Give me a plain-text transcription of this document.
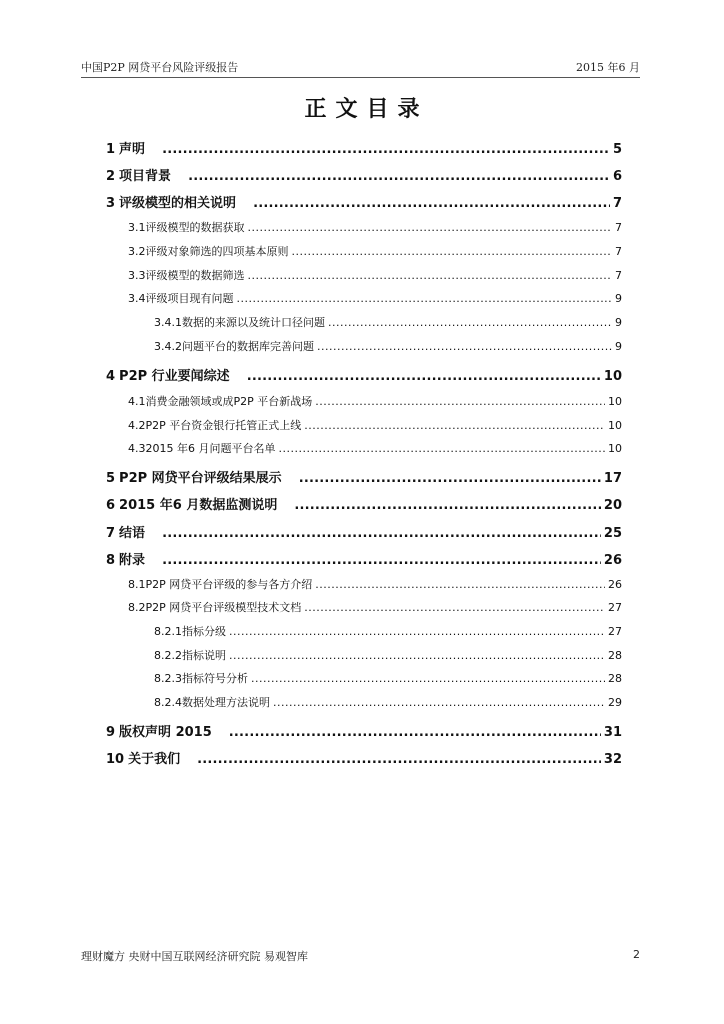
中国P2P 网贷平台风险评级报告	2015 年6 月
正文目录
1 声明 .....	5
2 项目背景 .....	6
3 评级模型的相关说明 .....	7
3.1 评级模型的数据获取 .....	7
3.2 评级对象筛选的四项基本原则 .....	7
3.3 评级模型的数据筛选 .....	7
3.4 评级项目现有问题 .....	9
3.4.1 数据的来源以及统计口径问题 .....	9
3.4.2 问题平台的数据库完善问题 .....	9
4 P2P 行业要闻综述 .....	10
4.1 消费金融领域或成P2P 平台新战场 .....	10
4.2 P2P 平台资金银行托管正式上线 .....	10
4.3 2015 年6 月问题平台名单 .....	10
5 P2P 网贷平台评级结果展示 .....	17
6 2015 年6 月数据监测说明 .....	20
7 结语 .....	25
8 附录 .....	26
8.1 P2P 网贷平台评级的参与各方介绍 .....	26
8.2 P2P 网贷平台评级模型技术文档 .....	27
8.2.1 指标分级 .....	27
8.2.2 指标说明 .....	28
8.2.3 指标符号分析 .....	28
8.2.4 数据处理方法说明 .....	29
9 版权声明 2015 .....	31
10 关于我们 .....	32
理财魔方 央财中国互联网经济研究院 易观智库	2
